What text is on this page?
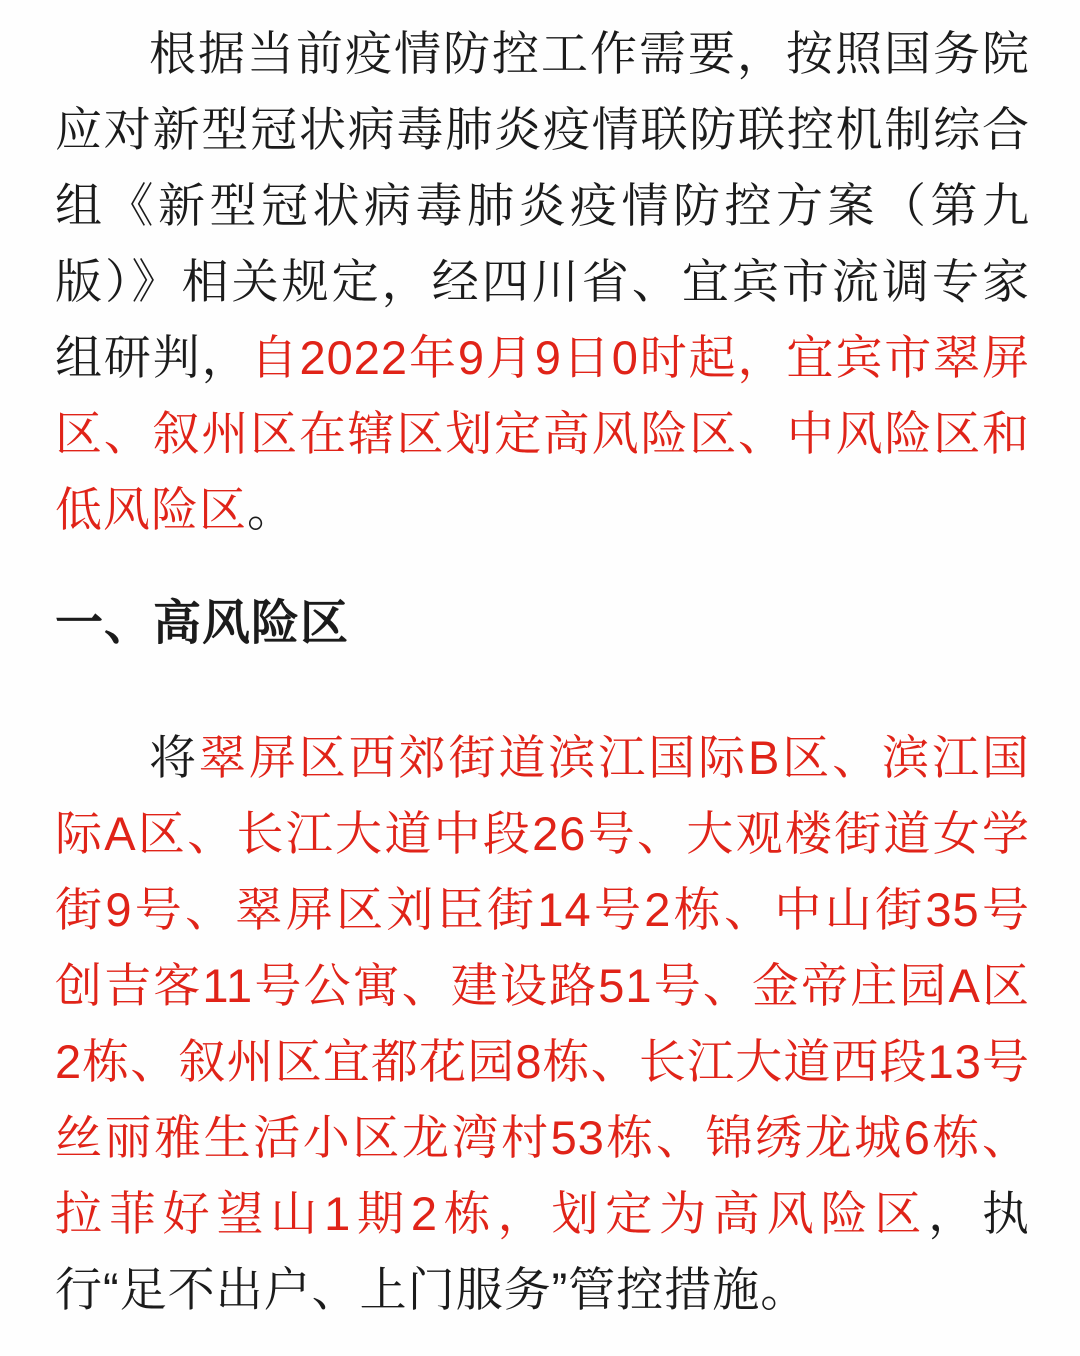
根据当前疫情防控工作需要，按照国务院应对新型冠状病毒肺炎疫情联防联控机制综合组《新型冠状病毒肺炎疫情防控方案（第九版）》相关规定，经四川省、宜宾市流调专家组研判，自2022年9月9日0时起，宜宾市翠屏区、叙州区在辖区划定高风险区、中风险区和低风险区。

一、高风险区

将翠屏区西郊街道滨江国际B区、滨江国际A区、长江大道中段26号、大观楼街道女学街9号、翠屏区刘臣街14号2栋、中山街35号创吉客11号公寓、建设路51号、金帝庄园A区2栋、叙州区宜都花园8栋、长江大道西段13号丝丽雅生活小区龙湾村53栋、锦绣龙城6栋、拉菲好望山1期2栋，划定为高风险区，执行“足不出户、上门服务”管控措施。
